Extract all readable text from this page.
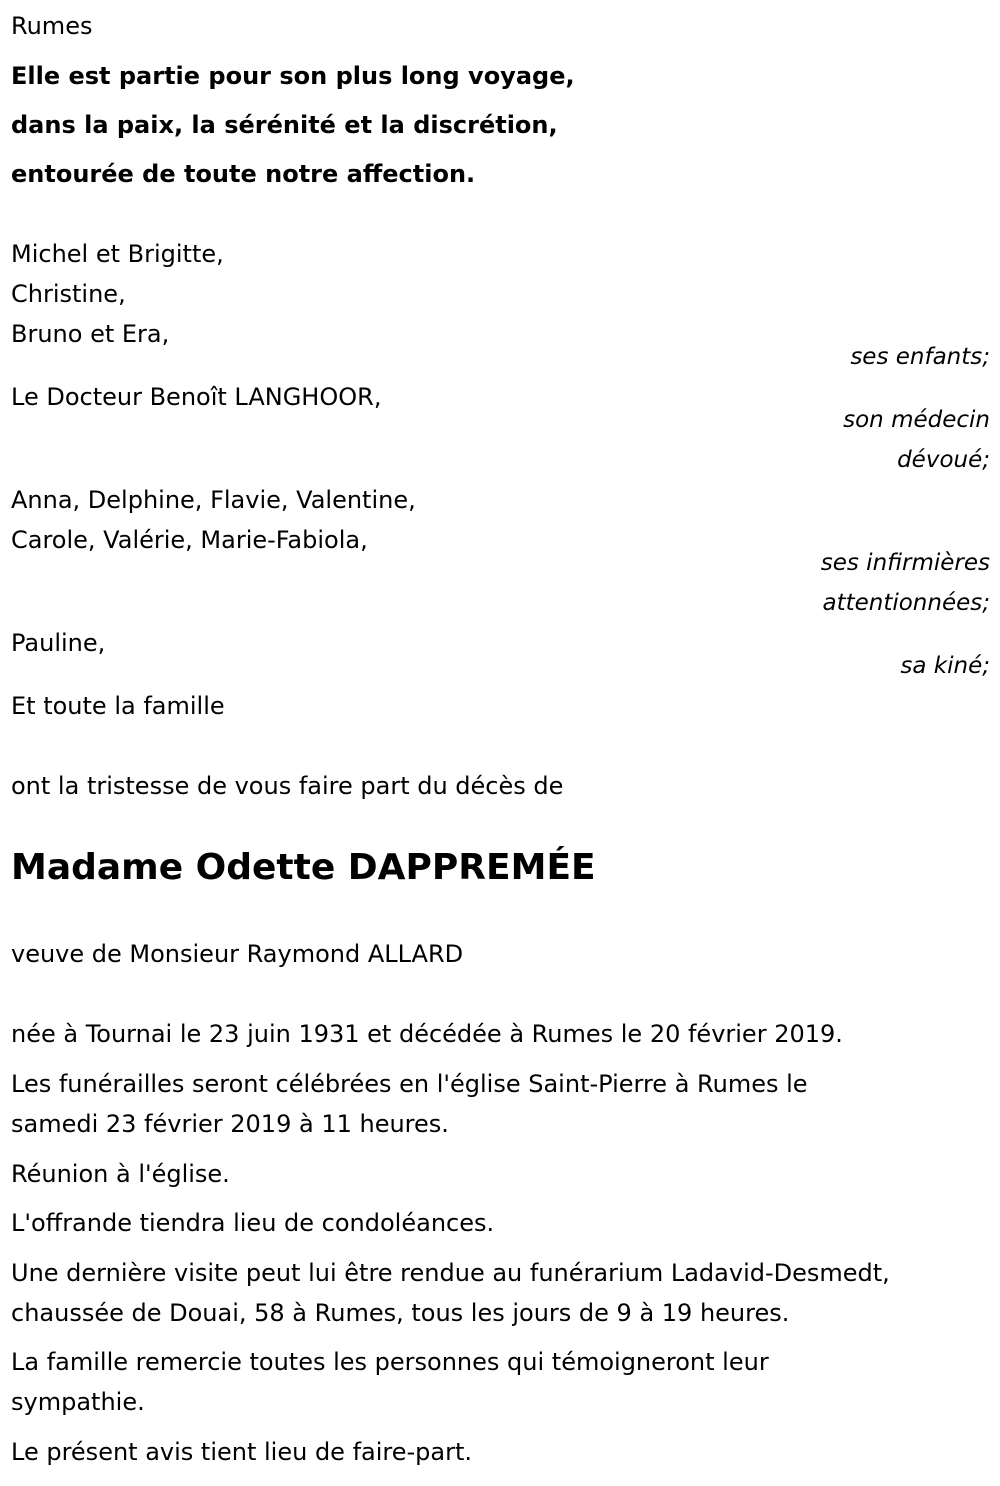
Rumes
Elle est partie pour son plus long voyage,
dans la paix, la sérénité et la discrétion,
entourée de toute notre affection.
Michel et Brigitte,
Christine,
Bruno et Era,
ses enfants;
Le Docteur Benoît LANGHOOR,
son médecin
dévoué;
Anna, Delphine, Flavie, Valentine,
Carole, Valérie, Marie-Fabiola,
ses infirmières
attentionnées;
Pauline,
sa kiné;
Et toute la famille
ont la tristesse de vous faire part du décès de
Madame Odette DAPPREMÉE
veuve de Monsieur Raymond ALLARD
née à Tournai le 23 juin 1931 et décédée à Rumes le 20 février 2019.
Les funérailles seront célébrées en l'église Saint-Pierre à Rumes le
samedi 23 février 2019 à 11 heures.
Réunion à l'église.
L'offrande tiendra lieu de condoléances.
Une dernière visite peut lui être rendue au funérarium Ladavid-Desmedt,
chaussée de Douai, 58 à Rumes, tous les jours de 9 à 19 heures.
La famille remercie toutes les personnes qui témoigneront leur
sympathie.
Le présent avis tient lieu de faire-part.
